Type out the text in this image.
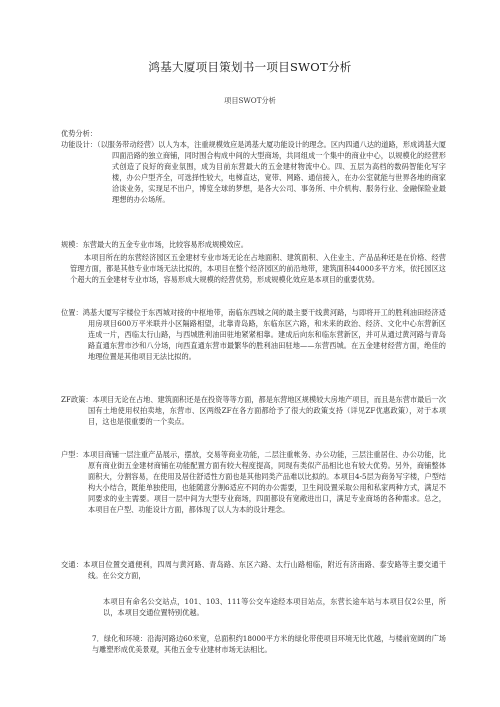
鸿基大厦项目策划书一项目SWOT分析
项目SWOT分析
优势分析：
功能设计：（以服务带动经营）以人为本，注重规模效应是鸿基大厦功能设计的理念。区内四通八达的道路，形成鸿基大厦四面沿路的独立商铺，同时围合构成中间的大型商场，共同组成一个集中的商业中心，以规模化的经营形式创造了良好的商业氛围，成为目前东营最大的五金建材物流中心。四、五层为高档的数码智能化写字楼，办公户型齐全，可选择性较大，电梯直达，宽带、网路、通信接入，在办公室就能与世界各地的商家洽谈业务，实现足不出户，博览全球的梦想，是各大公司、事务所、中介机构、服务行业、金融保险业最理想的办公场所。
规模：东营最大的五金专业市场，比较容易形成规模效应。
本项目所在的东营经济园区五金建材专业市场无论在占地面积、建筑面积、入住业主、产品品种还是在价格、经营管理方面，都是其他专业市场无法比拟的，本项目在整个经济园区的前沿地带，建筑面积44000多平方米，依托园区这个超大的五金建材专业市场，容易形成大规模的经营优势，形成规模化效应是本项目的重要优势。
位置：鸿基大厦写字楼位于东西城对接的中枢地带，南临东西城之间的最主要干线黄河路，与即将开工的胜利油田经济适用房项目600万平米联并小区隔路相望，北靠青岛路，东临东区六路，和未来的政治、经济、文化中心东营新区连成一片，西临太行山路，与西城胜利油田驻地紧紧相靠。建成后向东和临东营新区，并可从通过黄河路与青岛路直通东营市沙和八分场，向西直通东营市最繁华的胜利油田驻地——东营西城。在五金建材经营方面，绝佳的地理位置是其他项目无法比拟的。
ZF政策：本项目无论在占地、建筑面积还是在投资等等方面，都是东营地区规模较大房地产项目，而且是东营市最后一次国有土地使用权拍卖地，东营市、区两级ZF在各方面都给予了很大的政策支持（详见ZF优惠政策），对于本项目，这也是很重要的一个卖点。
户型：本项目商铺一层注重产品展示，摆放，交易等商业功能，二层注重帐务、办公功能，三层注重居住、办公功能，比原有商业街五金建材商铺在功能配置方面有较大程度提高，同现有类似产品相比也有较大优势。另外，商铺整体面积大，分割容易，在使用及居住舒适性方面也是其他同类产品难以比拟的。本项目4-5层为商务写字楼，户型结构大小结合，既能单独使用，也能随意分割6适应不同的办公需要，卫生间设置采取公用和私家两种方式，满足不同要求的业主需要。项目一层中间为大型专业商场，四面都设有宽敞进出口，满足专业商场的各种需求。总之，本项目在户型、功能设计方面，都体现了以人为本的设计理念。
交通：本项目位置交通便利，四周与黄河路、青岛路、东区六路、太行山路相临，附近有济南路、泰安路等主要交通干线。在公交方面，
本项目有命名公交站点，101、103、111等公交车途经本项目站点，东营长途车站与本项目仅2公里，所以，本项目交通位置特别优越。
7．绿化和环境：沿海河路边60米宽，总面积约18000平方米的绿化带使项目环境无比优越，与楼前宽阔的广场与雕塑形成优美景观，其他五金专业建材市场无法相比。
